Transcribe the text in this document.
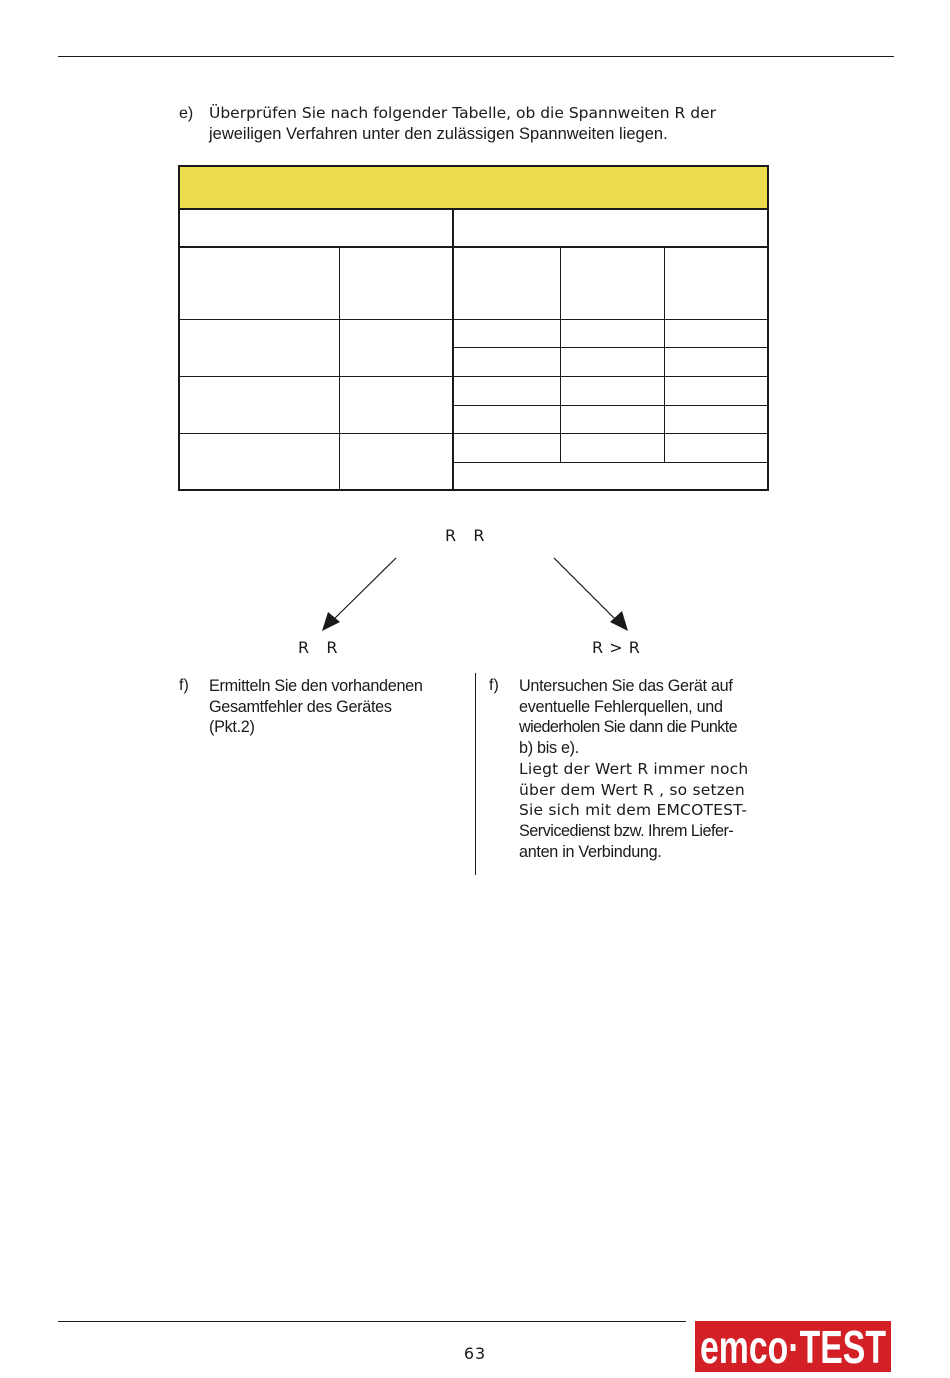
e) Überprüfen Sie nach folgender Tabelle, ob die Spannweiten R der
jeweiligen Verfahren unter den zulässigen Spannweiten liegen.
R   R
R   R	R > R
f) Ermitteln Sie den vorhandenen
Gesamtfehler des Gerätes
(Pkt.2)
f) Untersuchen Sie das Gerät auf
eventuelle Fehlerquellen, und
wiederholen Sie dann die Punkte
b) bis e).
Liegt der Wert R immer noch
über dem Wert R , so setzen
Sie sich mit dem EMCOTEST-
Servicedienst bzw. Ihrem Liefer-
anten in Verbindung.
63	emco·TEST
